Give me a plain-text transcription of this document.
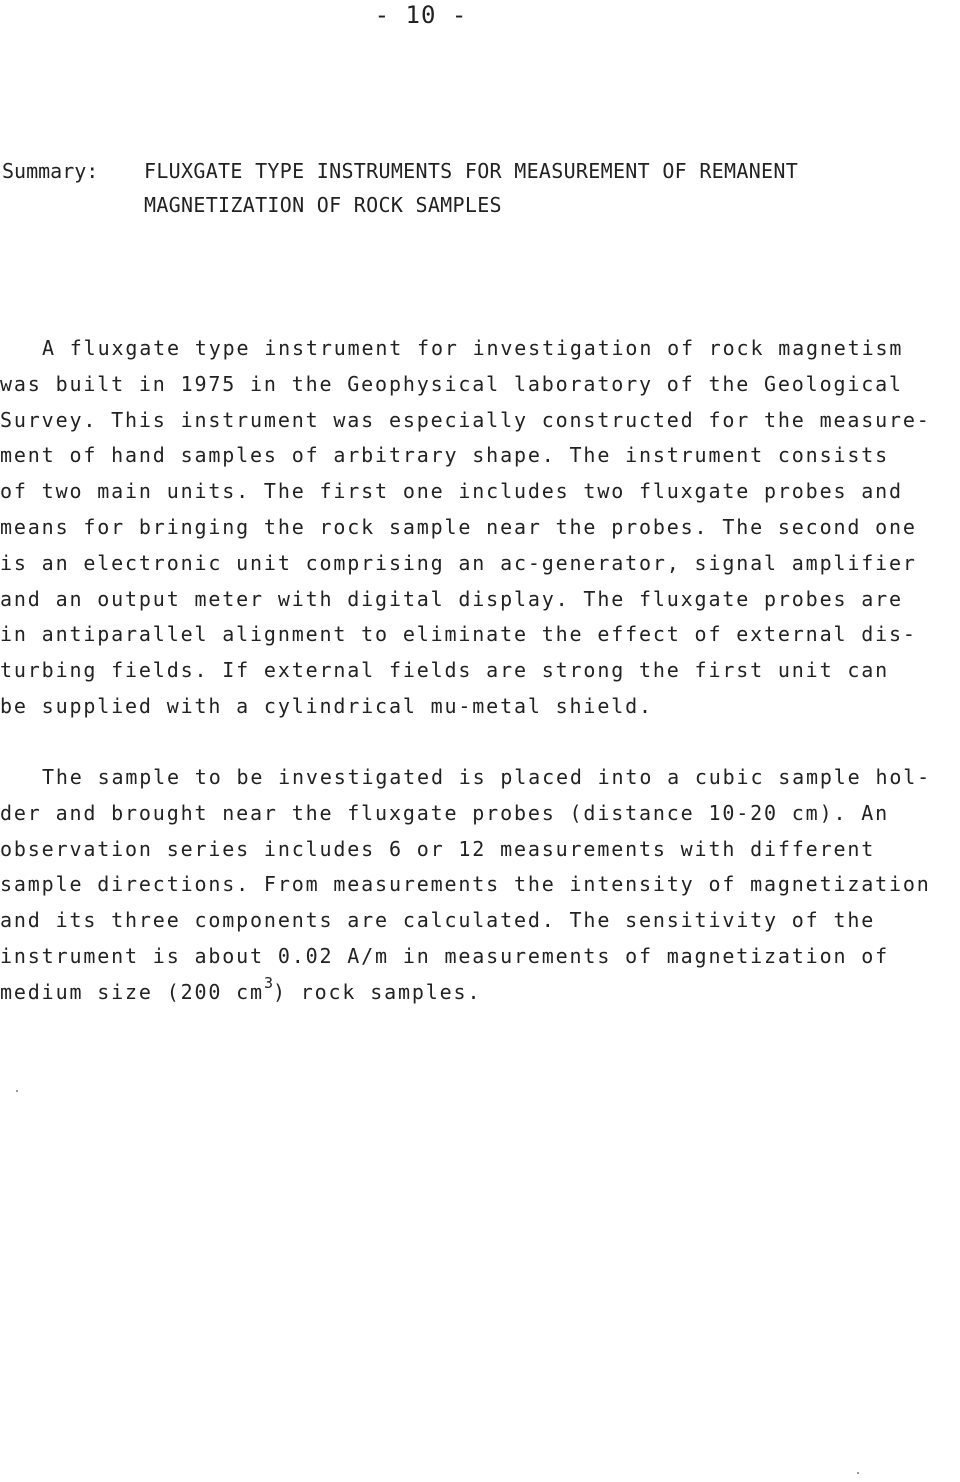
- 10 -
Summary: FLUXGATE TYPE INSTRUMENTS FOR MEASUREMENT OF REMANENT
MAGNETIZATION OF ROCK SAMPLES
A fluxgate type instrument for investigation of rock magnetism
was built in 1975 in the Geophysical laboratory of the Geological
Survey. This instrument was especially constructed for the measure-
ment of hand samples of arbitrary shape. The instrument consists
of two main units. The first one includes two fluxgate probes and
means for bringing the rock sample near the probes. The second one
is an electronic unit comprising an ac-generator, signal amplifier
and an output meter with digital display. The fluxgate probes are
in antiparallel alignment to eliminate the effect of external dis-
turbing fields. If external fields are strong the first unit can
be supplied with a cylindrical mu-metal shield.
The sample to be investigated is placed into a cubic sample hol-
der and brought near the fluxgate probes (distance 10-20 cm). An
observation series includes 6 or 12 measurements with different
sample directions. From measurements the intensity of magnetization
and its three components are calculated. The sensitivity of the
instrument is about 0.02 A/m in measurements of magnetization of
medium size (200 $cm^3$) rock samples.
